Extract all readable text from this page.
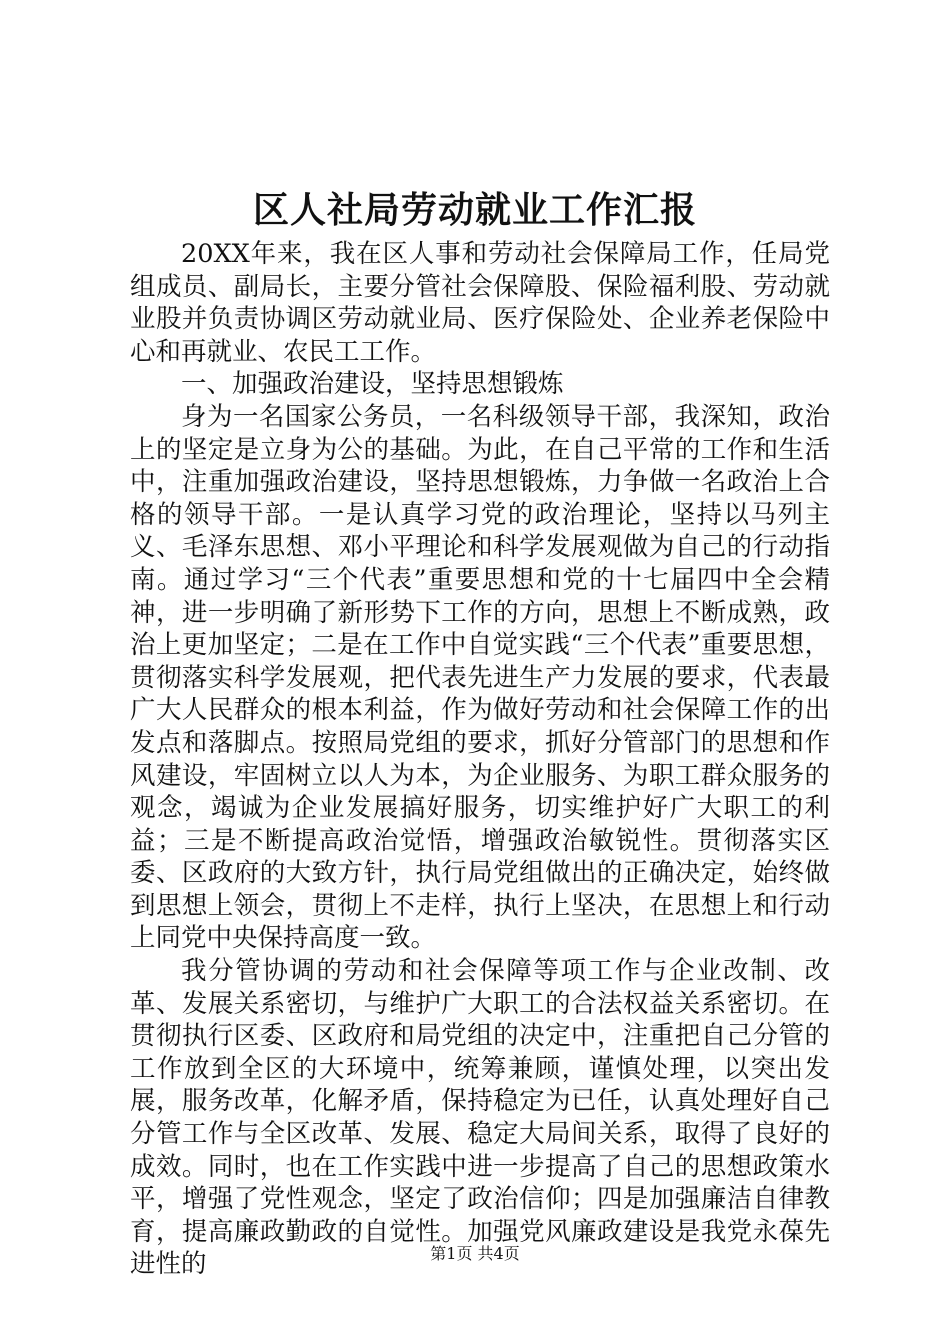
区人社局劳动就业工作汇报

20XX年来，我在区人事和劳动社会保障局工作，任局党组成员、副局长，主要分管社会保障股、保险福利股、劳动就业股并负责协调区劳动就业局、医疗保险处、企业养老保险中心和再就业、农民工工作。

一、加强政治建设，坚持思想锻炼

身为一名国家公务员，一名科级领导干部，我深知，政治上的坚定是立身为公的基础。为此，在自己平常的工作和生活中，注重加强政治建设，坚持思想锻炼，力争做一名政治上合格的领导干部。一是认真学习党的政治理论，坚持以马列主义、毛泽东思想、邓小平理论和科学发展观做为自己的行动指南。通过学习“三个代表”重要思想和党的十七届四中全会精神，进一步明确了新形势下工作的方向，思想上不断成熟，政治上更加坚定；二是在工作中自觉实践“三个代表”重要思想，贯彻落实科学发展观，把代表先进生产力发展的要求，代表最广大人民群众的根本利益，作为做好劳动和社会保障工作的出发点和落脚点。按照局党组的要求，抓好分管部门的思想和作风建设，牢固树立以人为本，为企业服务、为职工群众服务的观念，竭诚为企业发展搞好服务，切实维护好广大职工的利益；三是不断提高政治觉悟，增强政治敏锐性。贯彻落实区委、区政府的大致方针，执行局党组做出的正确决定，始终做到思想上领会，贯彻上不走样，执行上坚决，在思想上和行动上同党中央保持高度一致。

我分管协调的劳动和社会保障等项工作与企业改制、改革、发展关系密切，与维护广大职工的合法权益关系密切。在贯彻执行区委、区政府和局党组的决定中，注重把自己分管的工作放到全区的大环境中，统筹兼顾，谨慎处理，以突出发展，服务改革，化解矛盾，保持稳定为已任，认真处理好自己分管工作与全区改革、发展、稳定大局间关系，取得了良好的成效。同时，也在工作实践中进一步提高了自己的思想政策水平，增强了党性观念，坚定了政治信仰；四是加强廉洁自律教育，提高廉政勤政的自觉性。加强党风廉政建设是我党永葆先进性的	第1页 共4页
